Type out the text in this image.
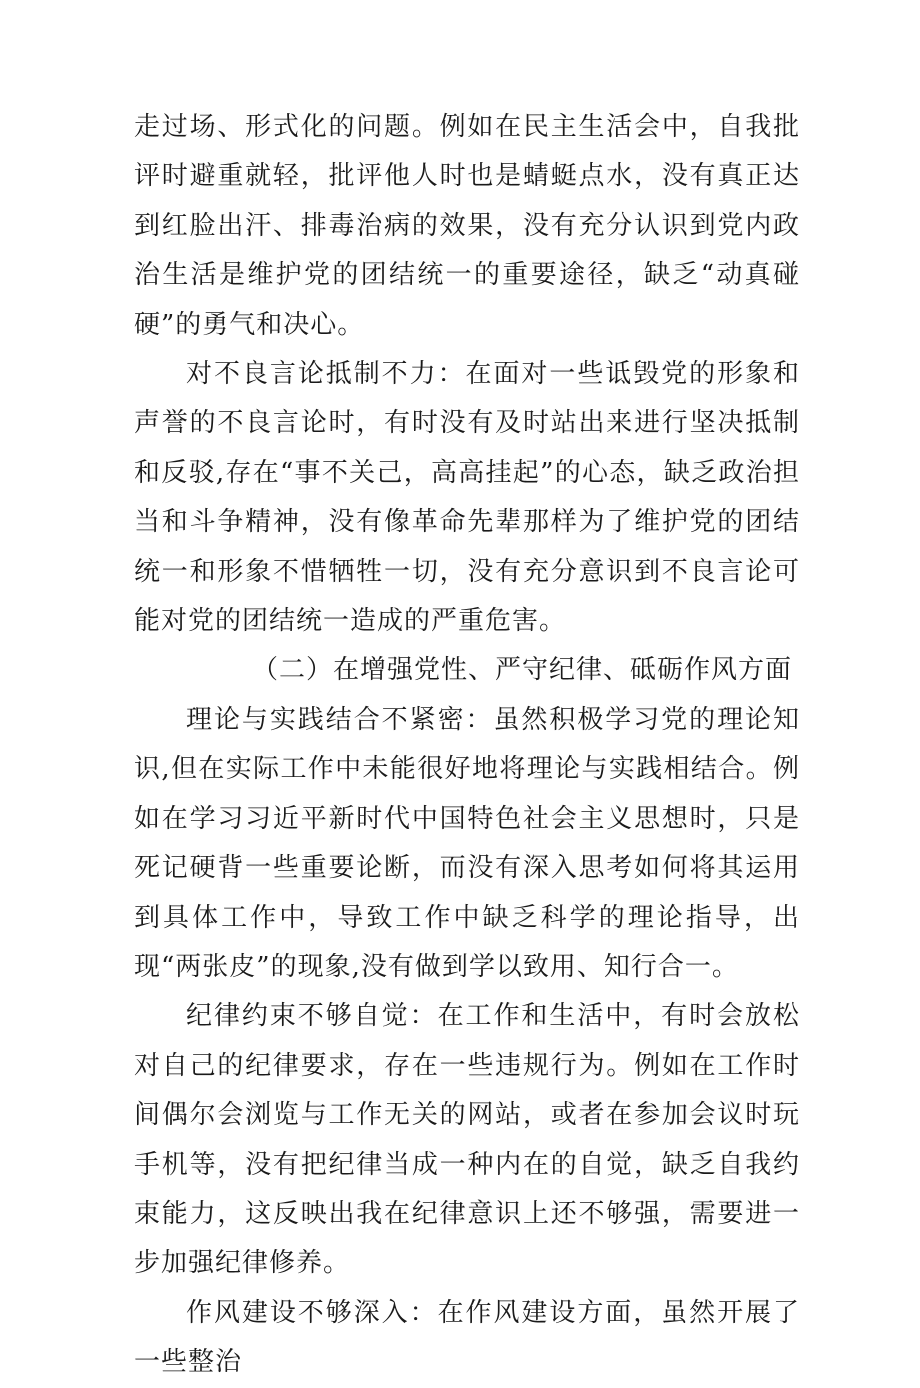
走过场、形式化的问题。例如在民主生活会中，自我批评时避重就轻，批评他人时也是蜻蜓点水，没有真正达到红脸出汗、排毒治病的效果，没有充分认识到党内政治生活是维护党的团结统一的重要途径，缺乏“动真碰硬”的勇气和决心。

对不良言论抵制不力：在面对一些诋毁党的形象和声誉的不良言论时，有时没有及时站出来进行坚决抵制和反驳,存在“事不关己，高高挂起”的心态，缺乏政治担当和斗争精神，没有像革命先辈那样为了维护党的团结统一和形象不惜牺牲一切，没有充分意识到不良言论可能对党的团结统一造成的严重危害。

（二）在增强党性、严守纪律、砥砺作风方面

理论与实践结合不紧密：虽然积极学习党的理论知识,但在实际工作中未能很好地将理论与实践相结合。例如在学习习近平新时代中国特色社会主义思想时，只是死记硬背一些重要论断，而没有深入思考如何将其运用到具体工作中，导致工作中缺乏科学的理论指导，出现“两张皮”的现象,没有做到学以致用、知行合一。

纪律约束不够自觉：在工作和生活中，有时会放松对自己的纪律要求，存在一些违规行为。例如在工作时间偶尔会浏览与工作无关的网站，或者在参加会议时玩手机等，没有把纪律当成一种内在的自觉，缺乏自我约束能力，这反映出我在纪律意识上还不够强，需要进一步加强纪律修养。

作风建设不够深入：在作风建设方面，虽然开展了一些整治
